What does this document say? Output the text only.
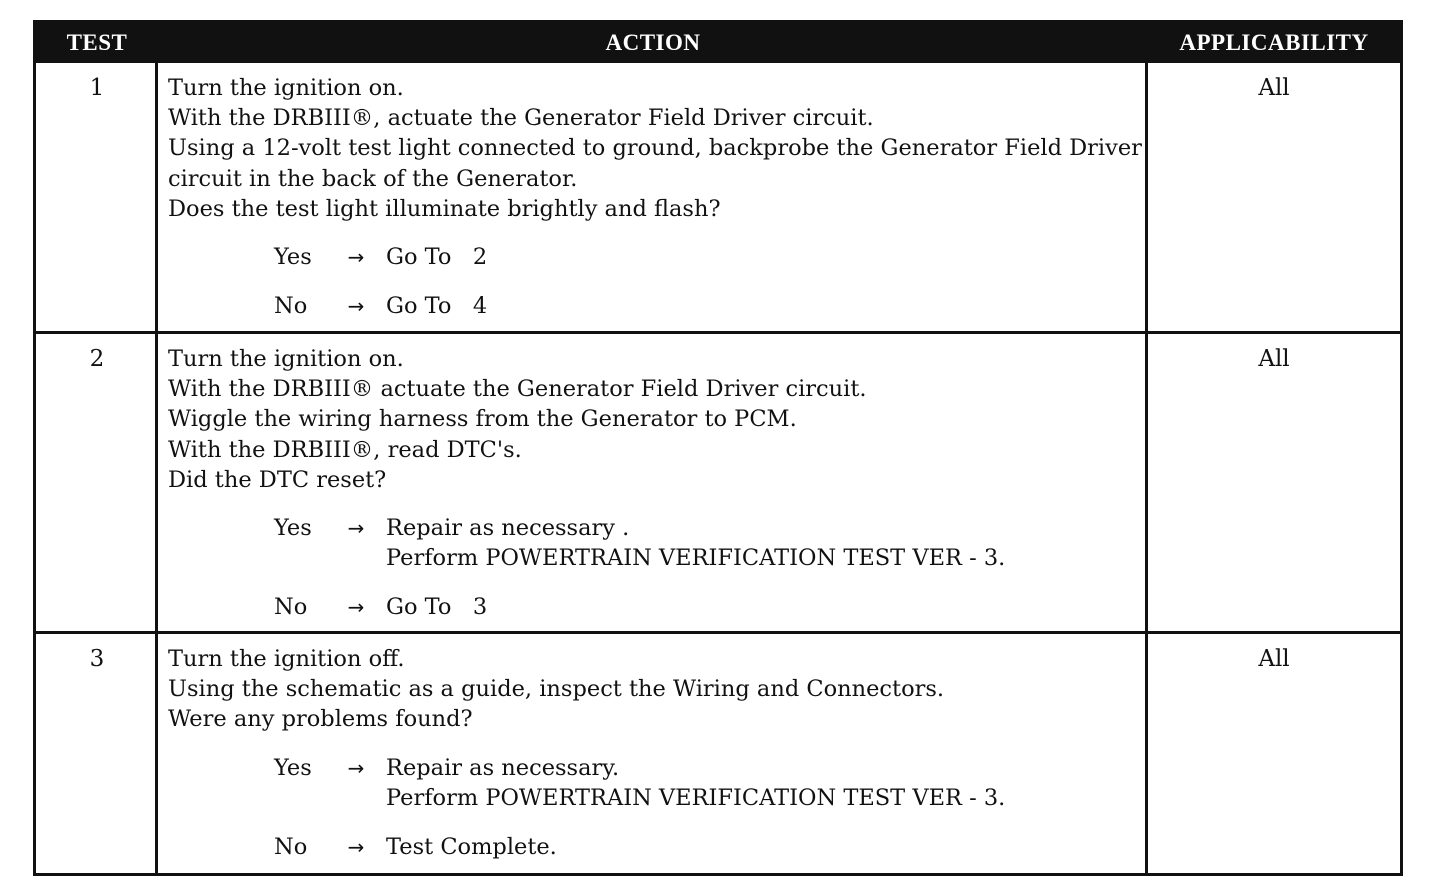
TEST	ACTION	APPLICABILITY
1	Turn the ignition on.
With the DRBIII®, actuate the Generator Field Driver circuit.
Using a 12-volt test light connected to ground, backprobe the Generator Field Driver
circuit in the back of the Generator.
Does the test light illuminate brightly and flash?
Yes	→ Go To   2
No	→ Go To   4
All
2	Turn the ignition on.
With the DRBIII® actuate the Generator Field Driver circuit.
Wiggle the wiring harness from the Generator to PCM.
With the DRBIII®, read DTC's.
Did the DTC reset?
Yes	→ Repair as necessary .
Perform POWERTRAIN VERIFICATION TEST VER - 3.
No	→ Go To   3
All
3	Turn the ignition off.
Using the schematic as a guide, inspect the Wiring and Connectors.
Were any problems found?
Yes	→ Repair as necessary.
Perform POWERTRAIN VERIFICATION TEST VER - 3.
No	→ Test Complete.
All
